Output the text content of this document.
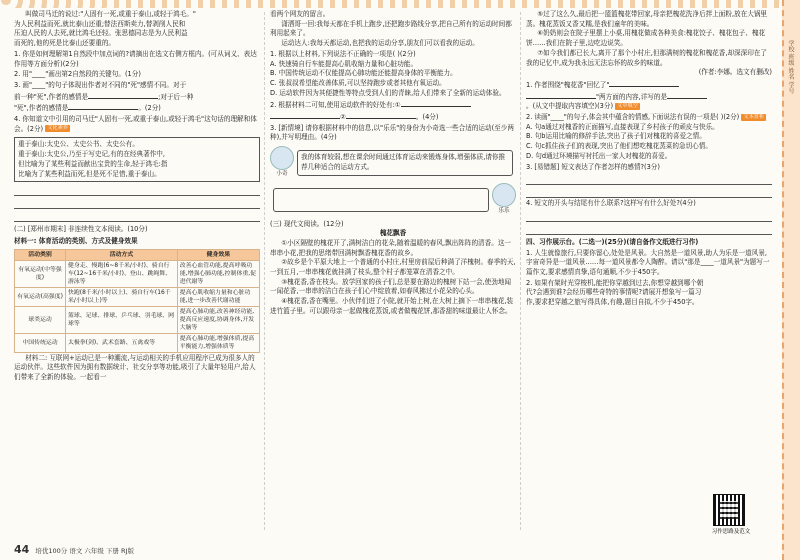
学校 班级 姓名 学号

叫做司马迁的说过:"人固有一死,或重于泰山,或轻于鸿毛。"

为人民利益而死,就比泰山还重;替法西斯卖力,替剥削人民和

压迫人民的人去死,就比鸿毛还轻。张思德同志是为人民利益

而死的,他的死是比泰山还要重的。

1. 你是如何理解第1自然段中加点词的?请摘出在选文右侧方框内。(可从词义、表达作用等方面分析)(2分)

2. 用"____"画出第2自然段的关键句。(1分)

3. 画"____"的句子体现出作者对不同的"死"感情不同。对于

前一种"死",作者的感情是	;对于后一种

"死",作者的感情是	。(2分)

4. 你知道文中引用的司马迁"人固有一死,或重于泰山,或轻于鸿毛"这句话的理解和体会。(2分) 文化素养

重于泰山:太史公、太史公书、太史公有。

重于泰山:太史公,乃至于写史记,有的在经典著作中,

但比喻为了某些利益而献出宝贵的生命,轻于鸿毛:指

比喻为了某些利益而死,但是死不足惜,重于泰山。

(二) [郑州市期末] 非连续性文本阅读。(10分)

材料一: 体育活动的类别、方式及健身效果

活动类别	活动方式	健身效果
有氧运动(中等强度)	健身走、慢跑(6~8千米/小时)、骑自行车(12~16千米/小时)、登山、跳绳舞、游泳等	改善心血管功能,提高呼吸功能,增强心肺功能,控制体重,促进代谢等
有氧运动(高强度)	快跑(8千米/小时以上)、骑自行车(16千米/小时以上)等	提高心肌收缩力量和心脏功能,进一步改善代谢功能
球类运动	篮球、足球、排球、乒乓球、羽毛球、网球等	提高心肺功能,改善神经功能,提高反应速度,协调身体,开发大脑等
中国传统运动	太极拳(剑)、武术套路、五禽戏等	提高心肺功能,增强体质,提高平衡能力,增强体质等

材料二: 互联网+运动已是一种潮流,与运动相关的手机应用程序已成为很多人的运动伙伴。这些软件因为拥有数据统计、社交分享等功能,吸引了大量年轻用户,给人们带来了全新的体验。一起看一

看两个网友的留言。

潇洒哥一回:我每天都在手机上跑步,还把跑步路线分享,把自己所有的运动时间都利用起来了。

运动达人:我每天都运动,也把我的运动分享,朋友们可以看我的运动。

1. 根据以上材料,下列说法不正确的一项是( )(2分)

A. 快速骑自行车能提高心肌收缩力量和心脏功能。

B. 中国传统运动不仅能提高心肺功能还能提高身体的平衡能力。

C. 张叔叔希望能改善体质,可以坚持跑步或者其他有氧运动。

D. 运动软件因为其便捷性等特点受到人们的青睐,给人们带来了全新的运动体验。

2. 根据材料二可知,使用运动软件的好处有:①

②	。(4分)

3. [新情境] 请你根据材料中的信息,以"乐乐"的身份为小奇选一些合适的运动(至少两种),并写明理由。(4分)

小奇
我的体育较弱,想在课余时间通过体育运动来锻炼身体,增强体质,请你推荐几种适合的运动方式。
乐乐

(三) 现代文阅读。(12分)

槐花飘香

①小区隔壁的槐花开了,满树洁白的花朵,随着温暖的春风,飘出阵阵的清香。这一串串小花,把我的思绪带回满树飘香槐花香的故乡。

②故乡是个平原大地上一个普通的小村庄,村里房前屋后种满了洋槐树。春季的天,一到五月,一串串槐花就挂满了枝头,整个村子都笼罩在清香之中。

③槐花香,香在枝头。放学回家的孩子们,总是要在路边的槐树下站一会,使劲地闻一闻花香,一串串的洁白在孩子们心中绽放着,如春风拂过小花朵的心头。

④槐花香,香在嘴里。小伙伴们进了小院,就开始上树,在大树上摘下一串串槐花,装进竹篮子里。可以跟母亲一起做槐花蒸饭,或者做槐花饼,那香甜的味道最让人怀念。

⑤过了这么久,最后把一篮篮槐花带回家,母亲把槐花洗净后拌上面粉,放在大锅里蒸。槐花蒸饭又香又糯,是我们童年的美味。

⑥奶奶则会在院子里摆上小桌,用槐花做成各种美食:槐花饺子、槐花包子、槐花饼……我们在院子里,边吃边说笑。

⑦如今我们都已长大,离开了那个小村庄,但那满树的槐花和槐花香,却深深印在了我的记忆中,成为我永远无法忘怀的故乡的味道。

(作者:李娜。选文有删改)

1. 作者围绕"槐花香"回忆了"

"两方面的内容,详写的是

。(从文中提取内容填空)(3分) 文中填空

2. 读画"____"的句子,体会其中蕴含的情感,下面说法有误的一项是( )(2分) 文本赏析

A. 句a通过对槐香的正面描写,直接表现了乡村孩子的顽皮与快乐。

B. 句b运用比喻的修辞手法,突出了孩子们对槐花的喜爱之情。

C. 句c抓住孩子们的表现,突出了他们想吃槐花蒸菜的急切心情。

D. 句d通过环境描写衬托出一家人对槐花的喜爱。

3. [易错题] 短文表达了作者怎样的感情?(3分)

4. 短文的开头与结尾有什么联系?这样写有什么好处?(4分)

四、习作展示台。(二选一)(25分)(请自备作文纸进行习作)

1. 人生就像旅行,只要你留心,处处是风景。大自然是一道风景,助人为乐是一道风景,宇宙奇异是一道风景……每一道风景都令人陶醉。请以"那是____一道风景"为题写一篇作文,要求感情真挚,语句通顺,不少于450字。

2. 如果有架时光穿梭机,能把你穿越到过去,你想穿越到哪个朝代?会遇到谁?会经历哪些奇特的事情呢?请展开想象写一篇习作,要求把穿越之旅写得具体,有趣,题目自拟,不少于450字。

习作思路及范文
44 培优100分 语文 六年级 下册 RJ版
